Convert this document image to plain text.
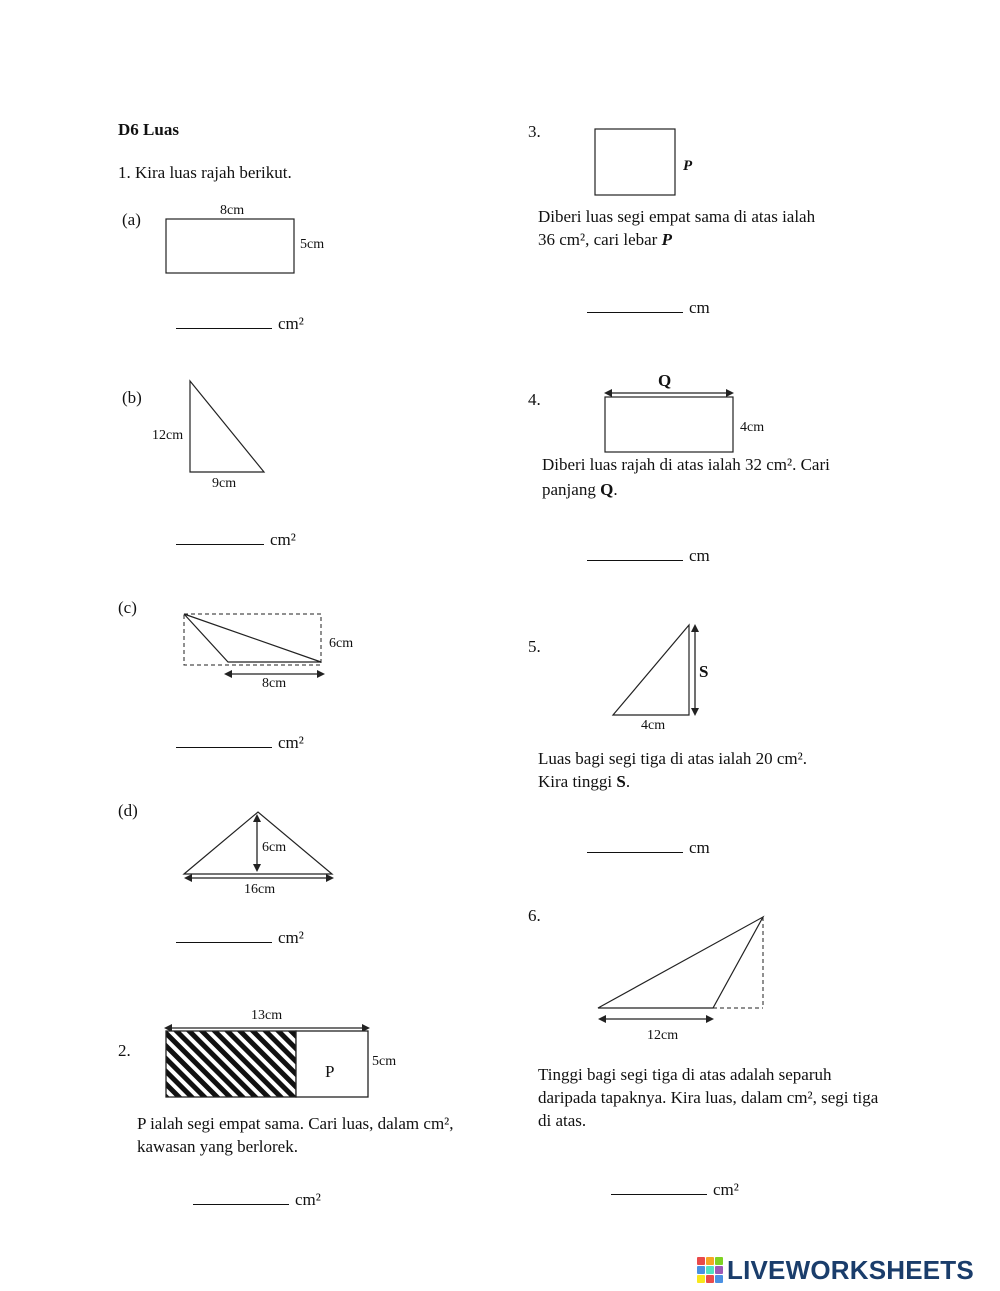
D6 Luas
1. Kira luas rajah berikut.
(a)	8cm
5cm
cm²
(b)
12cm
9cm
cm²
(c)
6cm
8cm
cm²
(d)
6cm
16cm
cm²
2.
13cm
5cm
P
P ialah segi empat sama. Cari luas, dalam cm², kawasan yang berlorek.
cm²
3.
P
Diberi luas segi empat sama di atas ialah
36 cm², cari lebar P
cm
4.
Q
4cm
Diberi luas rajah di atas ialah 32 cm². Cari
panjang Q.
cm
5.
S
4cm
Luas bagi segi tiga di atas ialah 20 cm².
Kira tinggi S.
cm
6.
12cm
Tinggi bagi segi tiga di atas adalah separuh daripada tapaknya. Kira luas, dalam cm², segi tiga di atas.
cm²
LIVEWORKSHEETS
